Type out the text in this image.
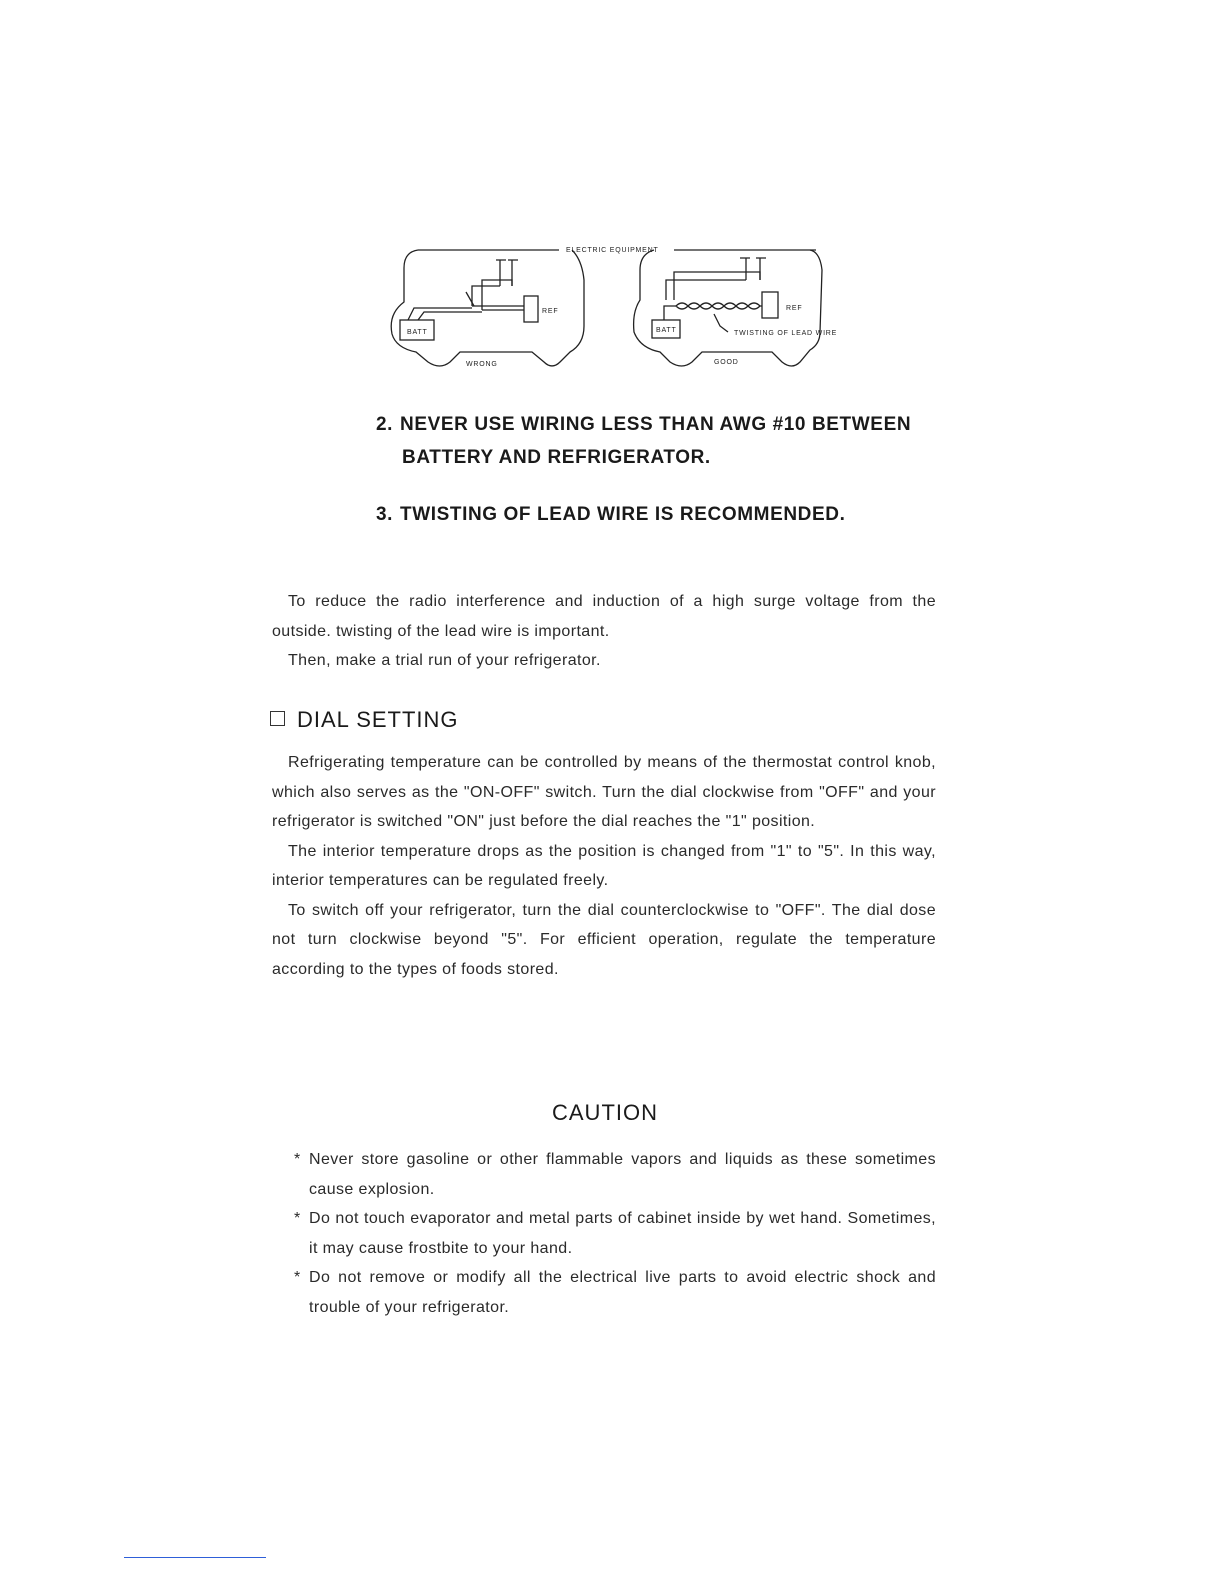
ELECTRIC EQUIPMENT
REF
BATT
WRONG
REF
BATT	TWISTING OF LEAD WIRE
GOOD
2. NEVER USE WIRING LESS THAN AWG #10 BETWEEN
BATTERY AND REFRIGERATOR.
3. TWISTING OF LEAD WIRE IS RECOMMENDED.

To reduce the radio interference and induction of a high surge voltage from the outside. twisting of the lead wire is important.

Then, make a trial run of your refrigerator.

DIAL SETTING

Refrigerating temperature can be controlled by means of the thermostat control knob, which also serves as the "ON-OFF" switch. Turn the dial clockwise from "OFF" and your refrigerator is switched "ON" just before the dial reaches the "1" position.

The interior temperature drops as the position is changed from "1" to "5". In this way, interior temperatures can be regulated freely.

To switch off your refrigerator, turn the dial counterclockwise to "OFF". The dial dose not turn clockwise beyond "5". For efficient operation, regulate the temperature according to the types of foods stored.

CAUTION
* Never store gasoline or other flammable vapors and liquids as these sometimes cause explosion.
* Do not touch evaporator and metal parts of cabinet inside by wet hand. Sometimes, it may cause frostbite to your hand.
* Do not remove or modify all the electrical live parts to avoid electric shock and trouble of your refrigerator.
